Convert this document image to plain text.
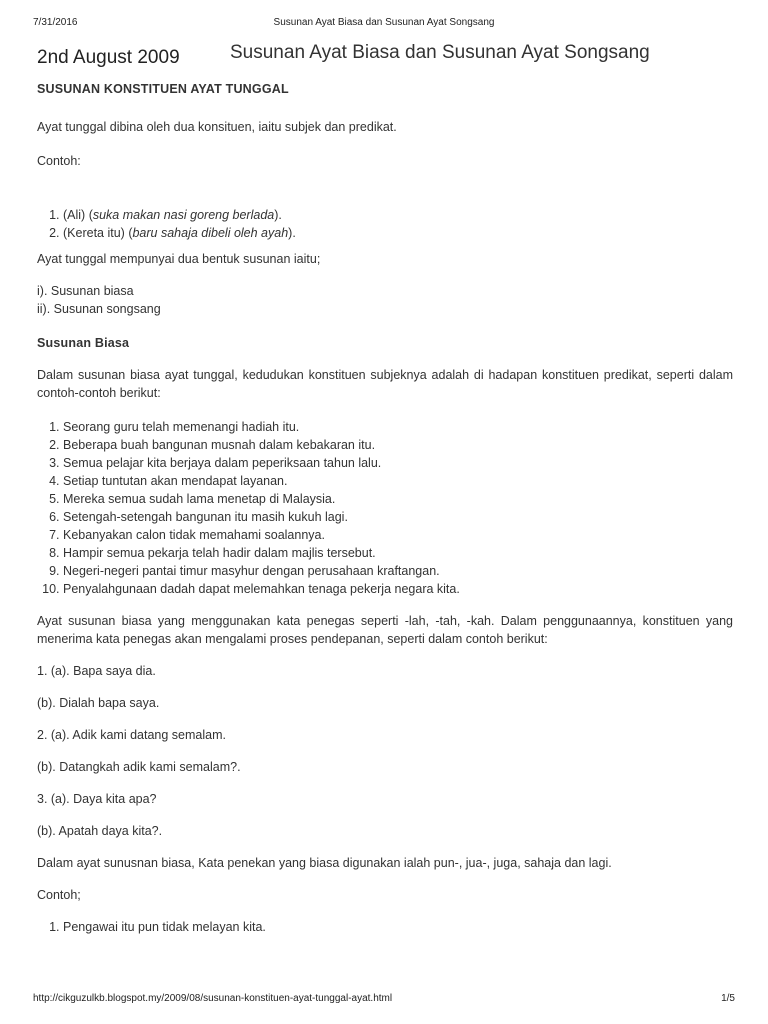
7/31/2016	Susunan Ayat Biasa dan Susunan Ayat Songsang
2nd August 2009	Susunan Ayat Biasa dan Susunan Ayat Songsang

SUSUNAN KONSTITUEN AYAT TUNGGAL

Ayat tunggal dibina oleh dua konsituen, iaitu subjek dan predikat.

Contoh:

1. (Ali) (suka makan nasi goreng berlada).
2. (Kereta itu) (baru sahaja dibeli oleh ayah).

Ayat tunggal mempunyai dua bentuk susunan iaitu;

i). Susunan biasa

ii). Susunan songsang

Susunan Biasa

Dalam susunan biasa ayat tunggal, kedudukan konstituen subjeknya adalah di hadapan konstituen predikat, seperti dalam contoh-contoh berikut:

1. Seorang guru telah memenangi hadiah itu.
2. Beberapa buah bangunan musnah dalam kebakaran itu.
3. Semua pelajar kita berjaya dalam peperiksaan tahun lalu.
4. Setiap tuntutan akan mendapat layanan.
5. Mereka semua sudah lama menetap di Malaysia.
6. Setengah-setengah bangunan itu masih kukuh lagi.
7. Kebanyakan calon tidak memahami soalannya.
8. Hampir semua pekarja telah hadir dalam majlis tersebut.
9. Negeri-negeri pantai timur masyhur dengan perusahaan kraftangan.
10. Penyalahgunaan dadah dapat melemahkan tenaga pekerja negara kita.

Ayat susunan biasa yang menggunakan kata penegas seperti -lah, -tah, -kah. Dalam penggunaannya, konstituen yang menerima kata penegas akan mengalami proses pendepanan, seperti dalam contoh berikut:

1. (a). Bapa saya dia.

(b). Dialah bapa saya.

2. (a). Adik kami datang semalam.

(b). Datangkah adik kami semalam?.

3. (a). Daya kita apa?

(b). Apatah daya kita?.

Dalam ayat sunusnan biasa, Kata penekan yang biasa digunakan ialah pun-, jua-, juga, sahaja dan lagi.

Contoh;

1. Pengawai itu pun tidak melayan kita.
http://cikguzulkb.blogspot.my/2009/08/susunan-konstituen-ayat-tunggal-ayat.html	1/5
